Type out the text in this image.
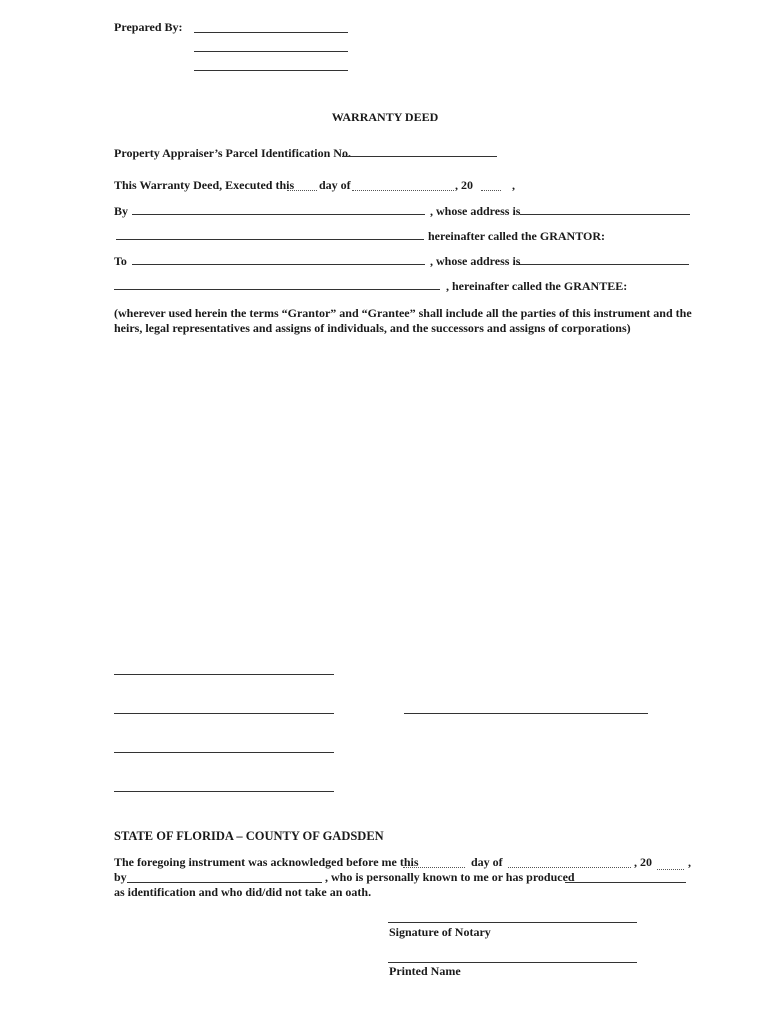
Prepared By:
WARRANTY DEED
Property Appraiser’s Parcel Identification No.
This Warranty Deed, Executed this day of	, 20	,
By	, whose address is
hereinafter called the GRANTOR:
To	, whose address is
, hereinafter called the GRANTEE:
(wherever used herein the terms “Grantor” and “Grantee” shall include all the parties of this instrument and the heirs, legal representatives and assigns of individuals, and the successors and assigns of corporations)
STATE OF FLORIDA – COUNTY OF GADSDEN
The foregoing instrument was acknowledged before me this	day of	, 20	,
by	, who is personally known to me or has produced
as identification and who did/did not take an oath.
Signature of Notary
Printed Name
